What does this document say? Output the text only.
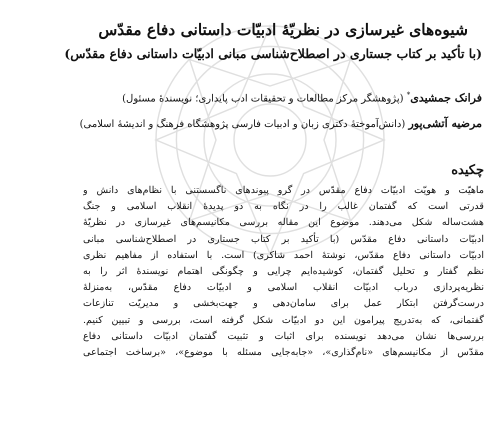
شیوه‌های غیرسازی در نظریّهٔ ادبیّات داستانی دفاع مقدّس
(با تأکید بر کتاب جستاری در اصطلاح‌شناسی مبانی ادبیّات داستانی دفاع مقدّس)
فرانک جمشیدی* (پژوهشگر مرکز مطالعات و تحقیقات ادب پایداری؛ نویسندهٔ مسئول)
مرضیه آتشی‌پور (دانش‌آموختهٔ دکتری زبان و ادبیات فارسی پژوهشگاه فرهنگ و اندیشهٔ اسلامی)
چکیده
ماهیّت و هویّت ادبیّات دفاع مقدّس در گرو پیوندهای ناگسستنی با نظام‌های دانش و
قدرتی است که گفتمان غالب را در نگاه به دو پدیدهٔ انقلاب اسلامی و جنگ
هشت‌ساله شکل می‌دهند. موضوع این مقاله بررسی مکانیسم‌های غیرسازی در نظریّهٔ
ادبیّات داستانی دفاع مقدّس (با تأکید بر کتاب جستاری در اصطلاح‌شناسی مبانی
ادبیّات داستانی دفاع مقدّس، نوشتهٔ احمد شاکری) است. با استفاده از مفاهیم نظری
نظم گفتار و تحلیل گفتمان، کوشیده‌ایم چرایی و چگونگی اهتمام نویسندهٔ اثر را به
نظریه‌پردازی درباب ادبیّات انقلاب اسلامی و ادبیّات دفاع مقدّس، به‌منزلهٔ
درست‌گرفتن ابتکار عمل برای سامان‌دهی و جهت‌بخشی و مدیریّت تنازعات
گفتمانی، که به‌تدریج پیرامون این دو ادبیّات شکل گرفته است، بررسی و تبیین کنیم.
بررسی‌ها نشان می‌دهد نویسنده برای اثبات و تثبیت گفتمان ادبیّات داستانی دفاع
مقدّس از مکانیسم‌های «نام‌گذاری»، «جابه‌جایی مسئله با موضوع»، «برساخت اجتماعی
